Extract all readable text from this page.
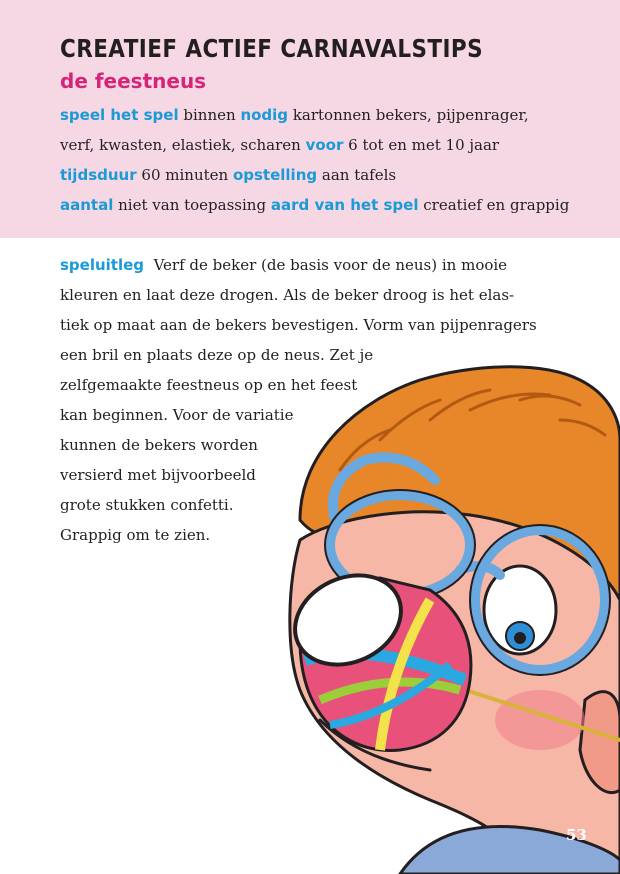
CREATIEF ACTIEF CARNAVALSTIPS
de feestneus
speel het spel binnen nodig kartonnen bekers, pijpenrager,
verf, kwasten, elastiek, scharen voor 6 tot en met 10 jaar
tijdsduur 60 minuten opstelling aan tafels
aantal niet van toepassing aard van het spel creatief en grappig
speluitleg Verf de beker (de basis voor de neus) in mooie
kleuren en laat deze drogen. Als de beker droog is het elas-
tiek op maat aan de bekers bevestigen. Vorm van pijpenragers
een bril en plaats deze op de neus. Zet je
zelfgemaakte feestneus op en het feest
kan beginnen. Voor de variatie
kunnen de bekers worden
versierd met bijvoorbeeld
grote stukken confetti.
Grappig om te zien.
53
